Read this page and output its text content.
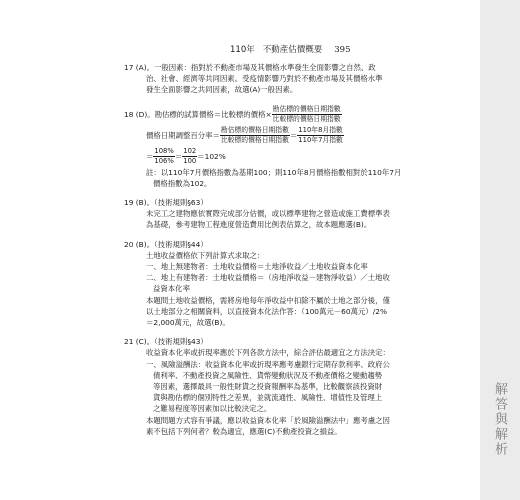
110年 不動產估價概要 395
解答與解析
17 (A)。一般因素：指對於不動產市場及其價格水準發生全面影響之自然、政
治、社會、經濟等共同因素。受疫情影響乃對於不動產市場及其價格水準
發生全面影響之共同因素，故選(A)一般因素。
18 (D)。勘估標的試算價格＝比較標的價格× $\frac{\text{勘估標的價格日期指數}}{\text{比較標的價格日期指數}}$
價格日期調整百分率＝ $\frac{\text{勘估標的價格日期指數}}{\text{比較標的價格日期指數}} = \frac{\text{110年8月指數}}{\text{110年7月指數}}$
＝ $\frac{108\%}{106\%} = \frac{102}{100} =102\%$
註：以110年7月價格指數為基期100；則110年8月價格指數相對於110年7月
價格指數為102。
19 (B)。（技術規則§63）
未完工之建物應依實際完成部分估價，或以標準建物之營造或施工費標準表
為基礎，參考建物工程進度營造費用比例表估算之，故本題應選(B)。
20 (B)。（技術規則§44）
土地收益價格依下列計算式求取之：
一、地上無建物者：土地收益價格＝土地淨收益／土地收益資本化率
二、地上有建物者：土地收益價格＝（房地淨收益－建物淨收益）／土地收
益資本化率
本題問土地收益價格，需將房地每年淨收益中扣除不屬於土地之部分後，僅
以土地部分之相關資料，以直接資本化法作答：（100萬元－60萬元）/2%
＝2,000萬元，故選(B)。
21 (C)。（技術規則§43）
收益資本化率或折現率應於下列各款方法中，綜合評估最適宜之方法決定：
一、風險溢酬法：收益資本化率或折現率應考慮銀行定期存款利率、政府公
債利率、不動產投資之風險性、貨幣變動狀況及不動產價格之變動趨勢
等因素，選擇最具一般性財貨之投資報酬率為基準，比較觀察該投資財
貨與勘估標的個別特性之差異，並就流通性、風險性、增值性及管理上
之難易程度等因素加以比較決定之。
本題問題方式容有爭議，應以收益資本化率「於風險溢酬法中」應考慮之因
素不包括下列何者？較為適宜，應選(C)不動產投資之損益。
